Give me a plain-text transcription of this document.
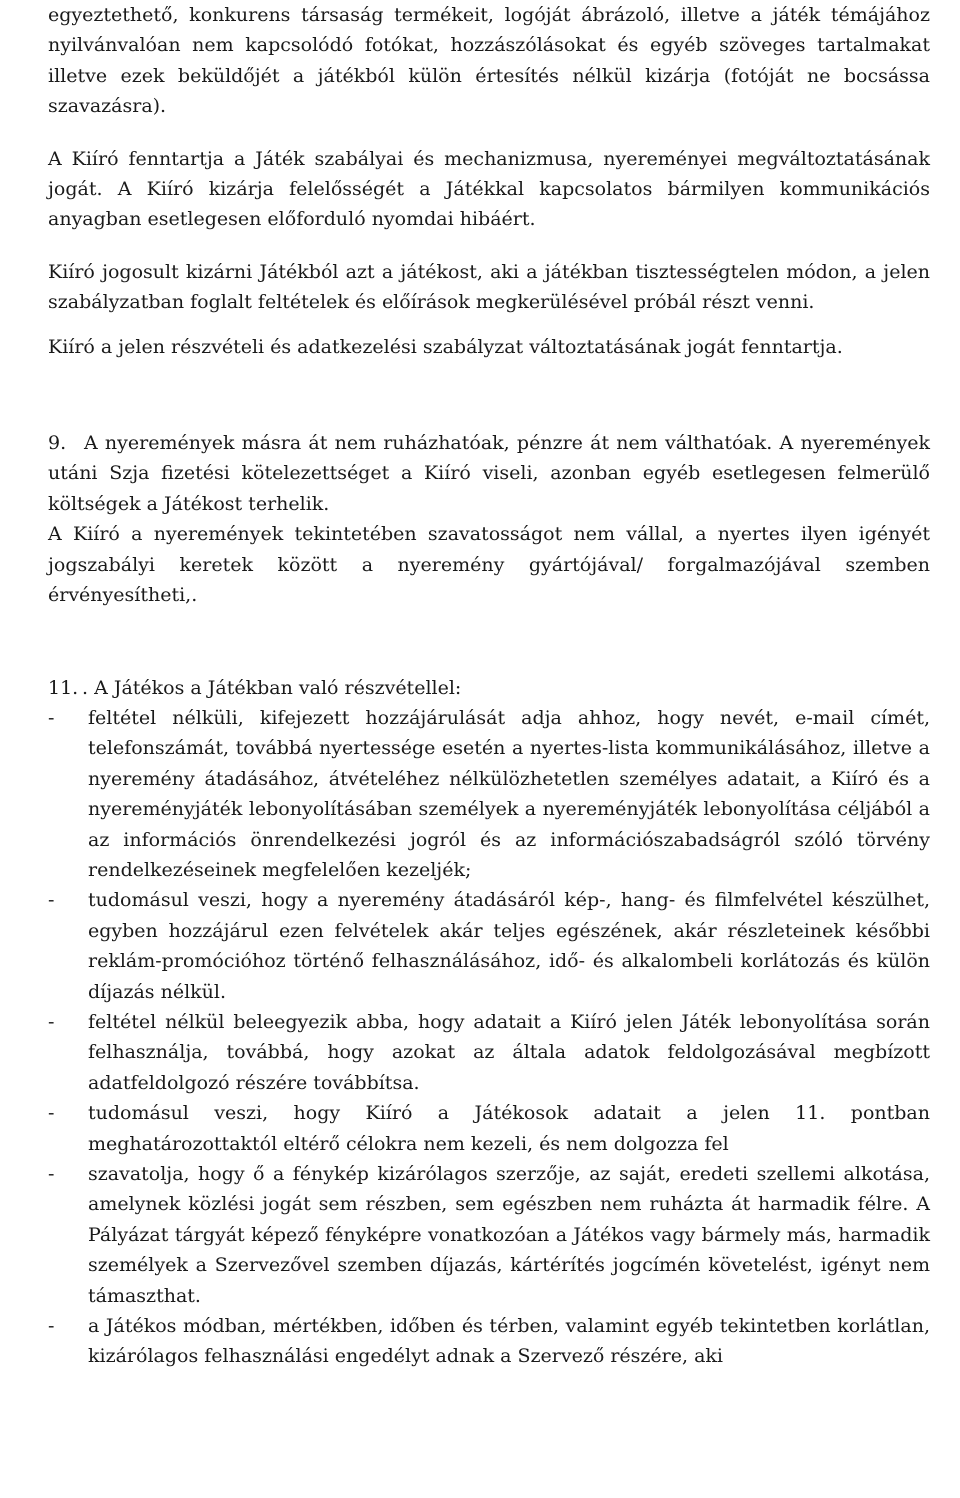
egyeztethető, konkurens társaság termékeit, logóját ábrázoló, illetve a játék témájához nyilvánvalóan nem kapcsolódó fotókat, hozzászólásokat és egyéb szöveges tartalmakat illetve ezek beküldőjét a játékból külön értesítés nélkül kizárja (fotóját ne bocsássa szavazásra).

A Kiíró fenntartja a Játék szabályai és mechanizmusa, nyereményei megváltoztatásának jogát. A Kiíró kizárja felelősségét a Játékkal kapcsolatos bármilyen kommunikációs anyagban esetlegesen előforduló nyomdai hibáért.

Kiíró jogosult kizárni Játékból azt a játékost, aki a játékban tisztességtelen módon, a jelen szabályzatban foglalt feltételek és előírások megkerülésével próbál részt venni.

Kiíró a jelen részvételi és adatkezelési szabályzat változtatásának jogát fenntartja.

9. A nyeremények másra át nem ruházhatóak, pénzre át nem válthatóak. A nyeremények utáni Szja fizetési kötelezettséget a Kiíró viseli, azonban egyéb esetlegesen felmerülő költségek a Játékost terhelik.

A Kiíró a nyeremények tekintetében szavatosságot nem vállal, a nyertes ilyen igényét jogszabályi keretek között a nyeremény gyártójával/ forgalmazójával szemben érvényesítheti,.

11. . A Játékos a Játékban való részvétellel:

-	feltétel nélküli, kifejezett hozzájárulását adja ahhoz, hogy nevét, e-mail címét, telefonszámát, továbbá nyertessége esetén a nyertes-lista kommunikálásához, illetve a nyeremény átadásához, átvételéhez nélkülözhetetlen személyes adatait, a Kiíró és a nyereményjáték lebonyolításában személyek a nyereményjáték lebonyolítása céljából a az információs önrendelkezési jogról és az információszabadságról szóló törvény rendelkezéseinek megfelelően kezeljék;
-	tudomásul veszi, hogy a nyeremény átadásáról kép-, hang- és filmfelvétel készülhet, egyben hozzájárul ezen felvételek akár teljes egészének, akár részleteinek későbbi reklám-promócióhoz történő felhasználásához, idő- és alkalombeli korlátozás és külön díjazás nélkül.
-	feltétel nélkül beleegyezik abba, hogy adatait a Kiíró jelen Játék lebonyolítása során felhasználja, továbbá, hogy azokat az általa adatok feldolgozásával megbízott adatfeldolgozó részére továbbítsa.
-	tudomásul veszi, hogy Kiíró a Játékosok adatait a jelen 11. pontban meghatározottaktól eltérő célokra nem kezeli, és nem dolgozza fel
-	szavatolja, hogy ő a fénykép kizárólagos szerzője, az saját, eredeti szellemi alkotása, amelynek közlési jogát sem részben, sem egészben nem ruházta át harmadik félre. A Pályázat tárgyát képező fényképre vonatkozóan a Játékos vagy bármely más, harmadik személyek a Szervezővel szemben díjazás, kártérítés jogcímén követelést, igényt nem támaszthat.
-	a Játékos módban, mértékben, időben és térben, valamint egyéb tekintetben korlátlan, kizárólagos felhasználási engedélyt adnak a Szervező részére, aki
